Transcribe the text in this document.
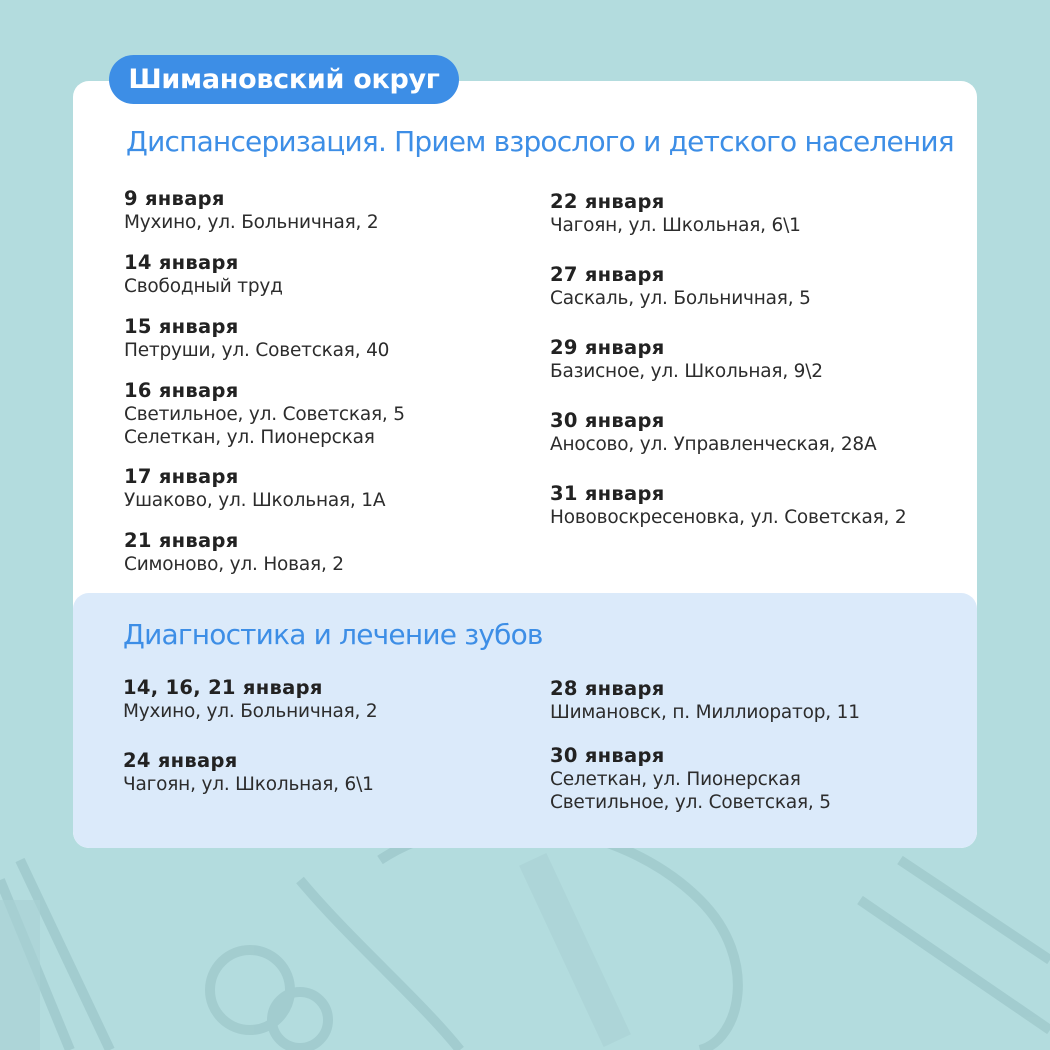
Диспансеризация. Прием взрослого и детского населения
9 января
Мухино, ул. Больничная, 2
14 января
Свободный труд
15 января
Петруши, ул. Советская, 40
16 января
Светильное, ул. Советская, 5
Селеткан, ул. Пионерская
17 января
Ушаково, ул. Школьная, 1А
21 января
Симоново, ул. Новая, 2
22 января
Чагоян, ул. Школьная, 6\1
27 января
Саскаль, ул. Больничная, 5
29 января
Базисное, ул. Школьная, 9\2
30 января
Аносово, ул. Управленческая, 28А
31 января
Нововоскресеновка, ул. Советская, 2
Диагностика и лечение зубов
14, 16, 21 января
Мухино, ул. Больничная, 2
24 января
Чагоян, ул. Школьная, 6\1
28 января
Шимановск, п. Миллиоратор, 11
30 января
Селеткан, ул. Пионерская
Светильное, ул. Советская, 5
Шимановский округ
